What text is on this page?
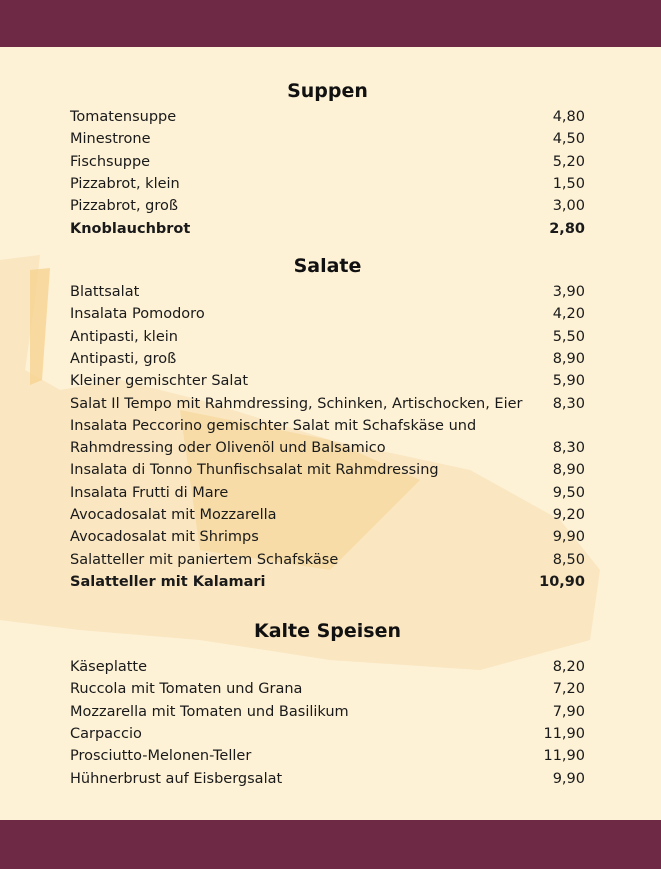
Suppen
Tomatensuppe	4,80
Minestrone	4,50
Fischsuppe	5,20
Pizzabrot, klein	1,50
Pizzabrot, groß	3,00
Knoblauchbrot	2,80
Salate
Blattsalat	3,90
Insalata Pomodoro	4,20
Antipasti, klein	5,50
Antipasti, groß	8,90
Kleiner gemischter Salat	5,90
Salat Il Tempo mit Rahmdressing, Schinken, Artischocken, Eier 8,30
Insalata Peccorino gemischter Salat mit Schafskäse und
Rahmdressing oder Olivenöl und Balsamico	8,30
Insalata di Tonno Thunfischsalat mit Rahmdressing	8,90
Insalata Frutti di Mare	9,50
Avocadosalat mit Mozzarella	9,20
Avocadosalat mit Shrimps	9,90
Salatteller mit paniertem Schafskäse	8,50
Salatteller mit Kalamari	10,90
Kalte Speisen
Käseplatte	8,20
Ruccola mit Tomaten und Grana	7,20
Mozzarella mit Tomaten und Basilikum	7,90
Carpaccio	11,90
Prosciutto-Melonen-Teller	11,90
Hühnerbrust auf Eisbergsalat	9,90
